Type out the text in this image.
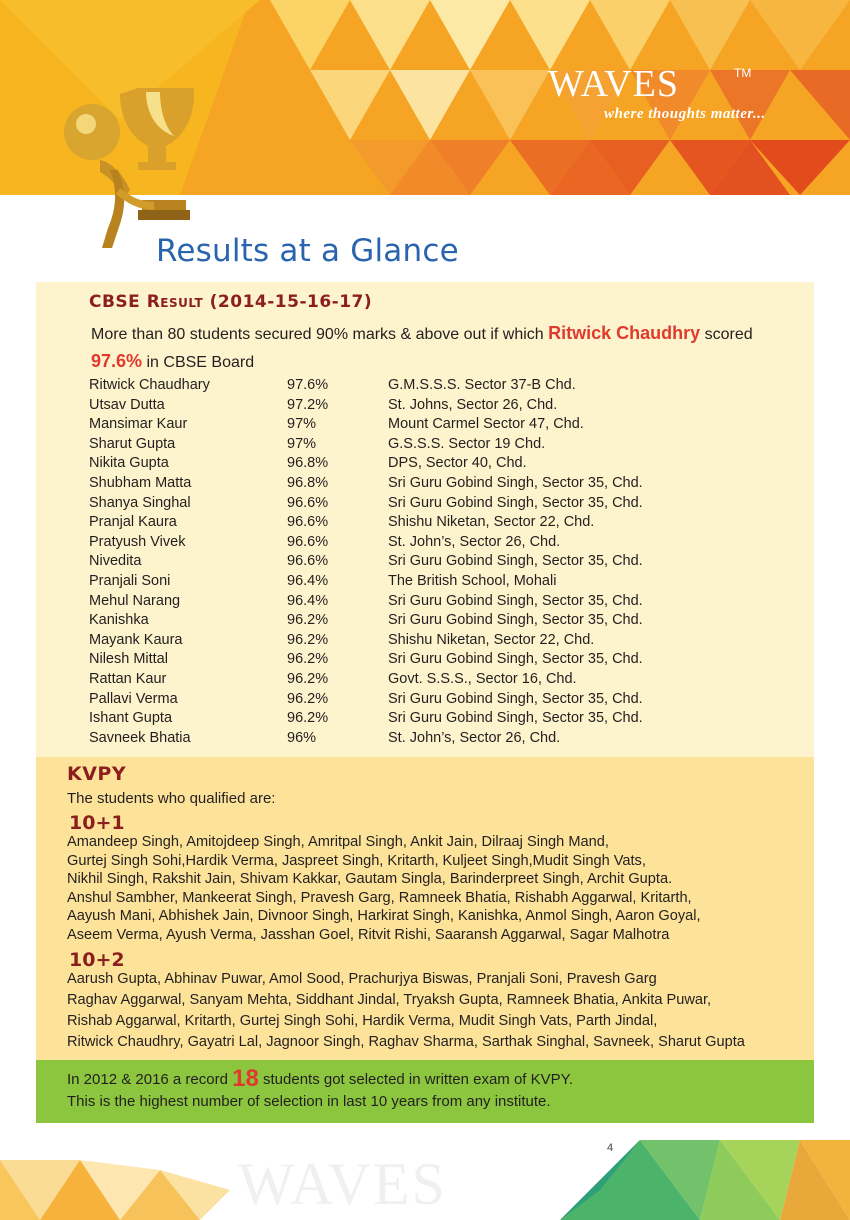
WAVES	TM
where thoughts matter...
Results at a Glance
CBSE Result (2014-15-16-17)
More than 80 students secured 90% marks & above out if which Ritwick Chaudhry scored
97.6% in CBSE Board
Ritwick Chaudhary	97.6%	G.M.S.S.S. Sector 37-B Chd.
Utsav Dutta	97.2%	St. Johns, Sector 26, Chd.
Mansimar Kaur	97%	Mount Carmel Sector 47, Chd.
Sharut Gupta	97%	G.S.S.S. Sector 19 Chd.
Nikita Gupta	96.8%	DPS, Sector 40, Chd.
Shubham Matta	96.8%	Sri Guru Gobind Singh, Sector 35, Chd.
Shanya Singhal	96.6%	Sri Guru Gobind Singh, Sector 35, Chd.
Pranjal Kaura	96.6%	Shishu Niketan, Sector 22, Chd.
Pratyush Vivek	96.6%	St. John’s, Sector 26, Chd.
Nivedita	96.6%	Sri Guru Gobind Singh, Sector 35, Chd.
Pranjali Soni	96.4%	The British School, Mohali
Mehul Narang	96.4%	Sri Guru Gobind Singh, Sector 35, Chd.
Kanishka	96.2%	Sri Guru Gobind Singh, Sector 35, Chd.
Mayank Kaura	96.2%	Shishu Niketan, Sector 22, Chd.
Nilesh Mittal	96.2%	Sri Guru Gobind Singh, Sector 35, Chd.
Rattan Kaur	96.2%	Govt. S.S.S., Sector 16, Chd.
Pallavi Verma	96.2%	Sri Guru Gobind Singh, Sector 35, Chd.
Ishant Gupta	96.2%	Sri Guru Gobind Singh, Sector 35, Chd.
Savneek Bhatia	96%	St. John’s, Sector 26, Chd.
KVPY
The students who qualified are:
10+1
Amandeep Singh, Amitojdeep Singh, Amritpal Singh, Ankit Jain, Dilraaj Singh Mand,
Gurtej Singh Sohi,Hardik Verma, Jaspreet Singh, Kritarth, Kuljeet Singh,Mudit Singh Vats,
Nikhil Singh, Rakshit Jain, Shivam Kakkar, Gautam Singla, Barinderpreet Singh, Archit Gupta.
Anshul Sambher, Mankeerat Singh, Pravesh Garg, Ramneek Bhatia, Rishabh Aggarwal, Kritarth,
Aayush Mani, Abhishek Jain, Divnoor Singh, Harkirat Singh, Kanishka, Anmol Singh, Aaron Goyal,
Aseem Verma, Ayush Verma, Jasshan Goel, Ritvit Rishi, Saaransh Aggarwal, Sagar Malhotra
10+2
Aarush Gupta, Abhinav Puwar, Amol Sood, Prachurjya Biswas, Pranjali Soni, Pravesh Garg
Raghav Aggarwal, Sanyam Mehta, Siddhant Jindal, Tryaksh Gupta, Ramneek Bhatia, Ankita Puwar,
Rishab Aggarwal, Kritarth, Gurtej Singh Sohi, Hardik Verma, Mudit Singh Vats, Parth Jindal,
Ritwick Chaudhry, Gayatri Lal, Jagnoor Singh, Raghav Sharma, Sarthak Singhal, Savneek, Sharut Gupta
In 2012 & 2016 a record 18 students got selected in written exam of KVPY.
This is the highest number of selection in last 10 years from any institute.
4
WAVES
